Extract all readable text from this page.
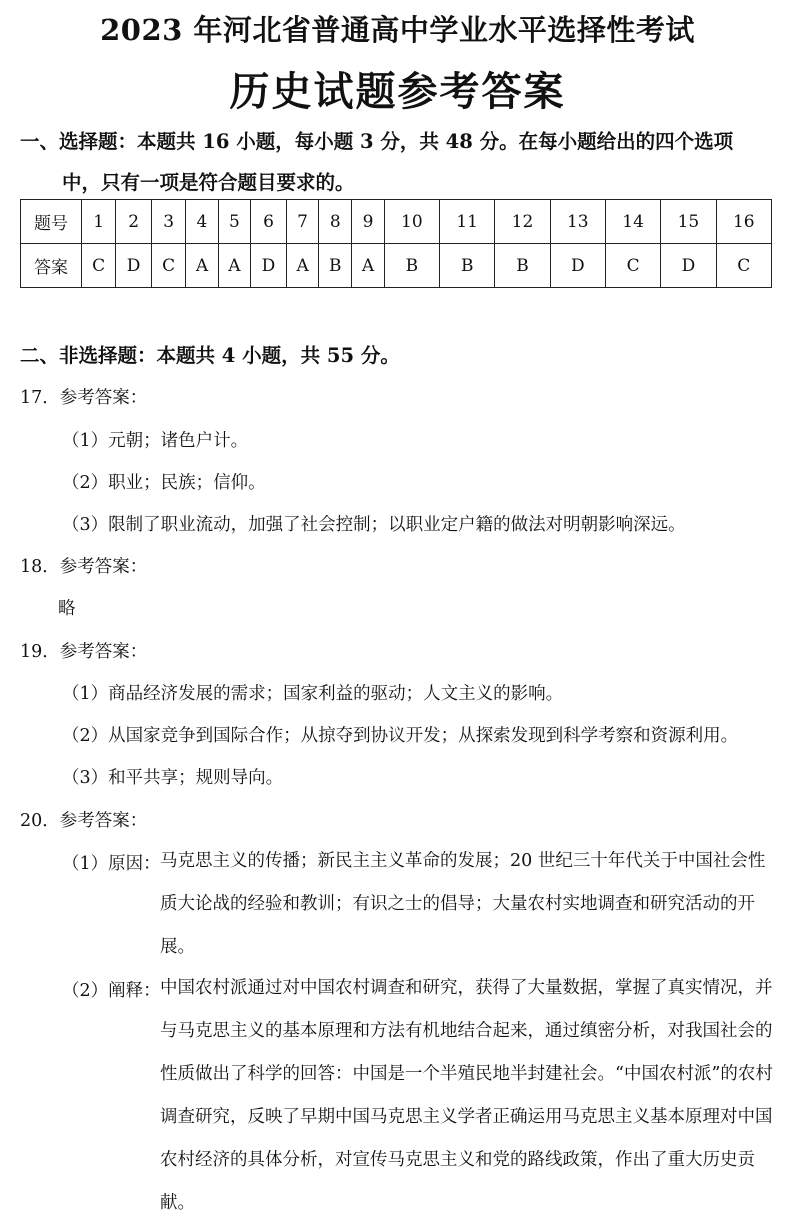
2023 年河北省普通高中学业水平选择性考试
历史试题参考答案
一、选择题：本题共 16 小题，每小题 3 分，共 48 分。在每小题给出的四个选项
中，只有一项是符合题目要求的。
题号	1	2	3	4	5	6	7	8	9	10	11	12	13	14	15	16
答案	C	D	C	A	A	D	A	B	A	B	B	B	D	C	D	C
二、非选择题：本题共 4 小题，共 55 分。
17．参考答案：
（1）元朝；诸色户计。
（2）职业；民族；信仰。
（3）限制了职业流动，加强了社会控制；以职业定户籍的做法对明朝影响深远。
18．参考答案：
略
19．参考答案：
（1）商品经济发展的需求；国家利益的驱动；人文主义的影响。
（2）从国家竞争到国际合作；从掠夺到协议开发；从探索发现到科学考察和资源利用。
（3）和平共享；规则导向。
20．参考答案：
（1）原因： 马克思主义的传播；新民主主义革命的发展；20 世纪三十年代关于中国社会性质大论战的经验和教训；有识之士的倡导；大量农村实地调查和研究活动的开展。
（2）阐释： 中国农村派通过对中国农村调查和研究，获得了大量数据，掌握了真实情况，并与马克思主义的基本原理和方法有机地结合起来，通过缜密分析，对我国社会的性质做出了科学的回答：中国是一个半殖民地半封建社会。“中国农村派”的农村调查研究，反映了早期中国马克思主义学者正确运用马克思主义基本原理对中国农村经济的具体分析，对宣传马克思主义和党的路线政策，作出了重大历史贡献。
